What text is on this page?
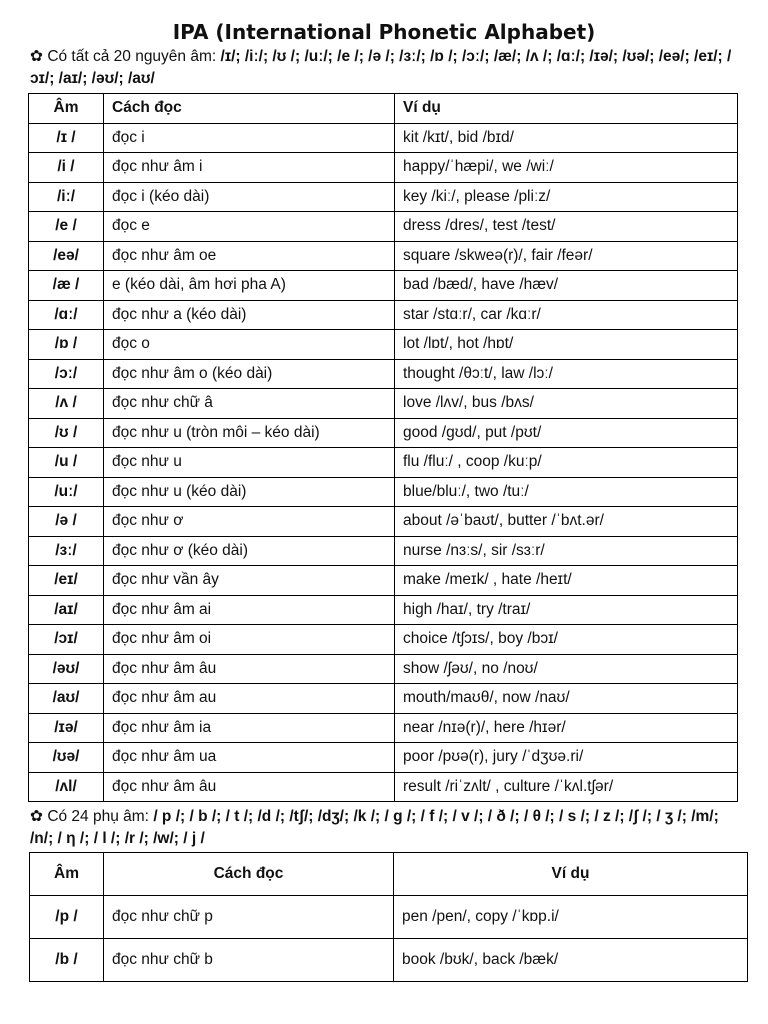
IPA (International Phonetic Alphabet)
✿ Có tất cả 20 nguyên âm: /ɪ/; /iː/; /ʊ /; /uː/; /e /; /ə /; /ɜː/; /ɒ /; /ɔː/; /æ/; /ʌ /; /ɑː/; /ɪə/; /ʊə/; /eə/; /eɪ/; /ɔɪ/; /aɪ/; /əʊ/; /aʊ/
Âm	Cách đọc	Ví dụ
/ɪ /	đọc i	kit /kɪt/, bid /bɪd/
/i /	đọc như âm i	happy/ˈhæpi/, we /wiː/
/iː/	đọc i (kéo dài)	key /kiː/, please /pliːz/
/e /	đọc e	dress /dres/, test /test/
/eə/	đọc như âm oe	square /skweə(r)/, fair /feər/
/æ /	e (kéo dài, âm hơi pha A)	bad /bæd/, have /hæv/
/ɑː/	đọc như a (kéo dài)	star /stɑːr/, car /kɑːr/
/ɒ /	đọc o	lot /lɒt/, hot /hɒt/
/ɔː/	đọc như âm o (kéo dài)	thought /θɔːt/, law /lɔː/
/ʌ /	đọc như chữ â	love /lʌv/, bus /bʌs/
/ʊ /	đọc như u (tròn môi – kéo dài)	good /gʊd/, put /pʊt/
/u /	đọc như u	flu /fluː/ , coop /kuːp/
/uː/	đọc như u (kéo dài)	blue/bluː/, two /tuː/
/ə /	đọc như ơ	about /əˈbaʊt/, butter /ˈbʌt.ər/
/ɜː/	đọc như ơ (kéo dài)	nurse /nɜːs/, sir /sɜːr/
/eɪ/	đọc như vần ây	make /meɪk/ , hate /heɪt/
/aɪ/	đọc như âm ai	high /haɪ/, try /traɪ/
/ɔɪ/	đọc như âm oi	choice /tʃɔɪs/, boy /bɔɪ/
/əʊ/	đọc như âm âu	show /ʃəʊ/, no /noʊ/
/aʊ/	đọc như âm au	mouth/maʊθ/, now /naʊ/
/ɪə/	đọc như âm ia	near /nɪə(r)/, here /hɪər/
/ʊə/	đọc như âm ua	poor /pʊə(r), jury /ˈdʒʊə.ri/
/ʌl/	đọc như âm âu	result /riˈzʌlt/ , culture /ˈkʌl.tʃər/
✿ Có 24 phụ âm: / p /; / b /; / t /; /d /; /tʃ/; /dʒ/; /k /; / g /; / f /; / v /; / ð /; / θ /; / s /; / z /; /ʃ /; / ʒ /; /m/; /n/; / η /; / l /; /r /; /w/; / j /
Âm	Cách đọc	Ví dụ
/p /	đọc như chữ p	pen /pen/, copy /ˈkɒp.i/
/b /	đọc như chữ b	book /bʊk/, back /bæk/
